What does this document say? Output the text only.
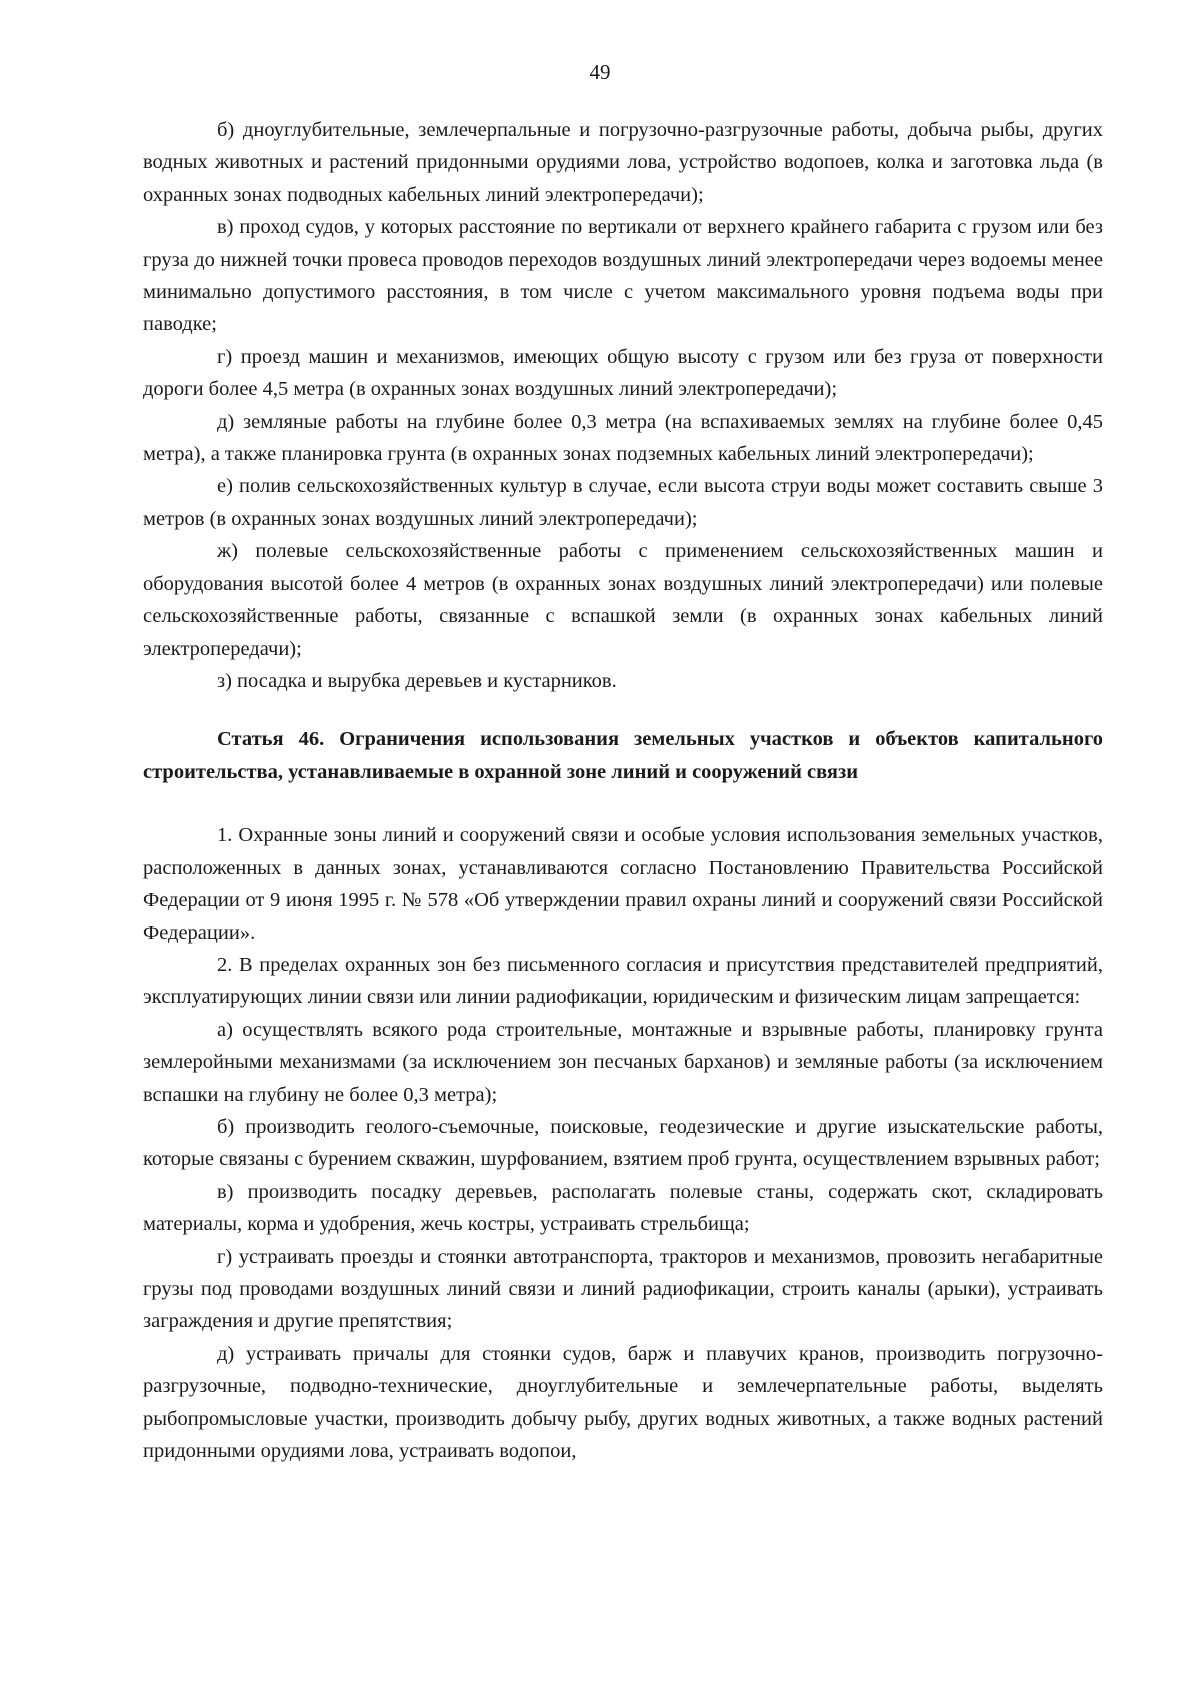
49

б) дноуглубительные, землечерпальные и погрузочно-разгрузочные работы, добыча рыбы, других водных животных и растений придонными орудиями лова, устройство водопоев, колка и заготовка льда (в охранных зонах подводных кабельных линий электропередачи);

в) проход судов, у которых расстояние по вертикали от верхнего крайнего габарита с грузом или без груза до нижней точки провеса проводов переходов воздушных линий электропередачи через водоемы менее минимально допустимого расстояния, в том числе с учетом максимального уровня подъема воды при паводке;

г) проезд машин и механизмов, имеющих общую высоту с грузом или без груза от поверхности дороги более 4,5 метра (в охранных зонах воздушных линий электропередачи);

д) земляные работы на глубине более 0,3 метра (на вспахиваемых землях на глубине более 0,45 метра), а также планировка грунта (в охранных зонах подземных кабельных линий электропередачи);

е) полив сельскохозяйственных культур в случае, если высота струи воды может составить свыше 3 метров (в охранных зонах воздушных линий электропередачи);

ж) полевые сельскохозяйственные работы с применением сельскохозяйственных машин и оборудования высотой более 4 метров (в охранных зонах воздушных линий электропередачи) или полевые сельскохозяйственные работы, связанные с вспашкой земли (в охранных зонах кабельных линий электропередачи);

з) посадка и вырубка деревьев и кустарников.

Статья 46. Ограничения использования земельных участков и объектов капитального строительства, устанавливаемые в охранной зоне линий и сооружений связи

1. Охранные зоны линий и сооружений связи и особые условия использования земельных участков, расположенных в данных зонах, устанавливаются согласно Постановлению Правительства Российской Федерации от 9 июня 1995 г. № 578 «Об утверждении правил охраны линий и сооружений связи Российской Федерации».

2. В пределах охранных зон без письменного согласия и присутствия представителей предприятий, эксплуатирующих линии связи или линии радиофикации, юридическим и физическим лицам запрещается:

а) осуществлять всякого рода строительные, монтажные и взрывные работы, планировку грунта землеройными механизмами (за исключением зон песчаных барханов) и земляные работы (за исключением вспашки на глубину не более 0,3 метра);

б) производить геолого-съемочные, поисковые, геодезические и другие изыскательские работы, которые связаны с бурением скважин, шурфованием, взятием проб грунта, осуществлением взрывных работ;

в) производить посадку деревьев, располагать полевые станы, содержать скот, складировать материалы, корма и удобрения, жечь костры, устраивать стрельбища;

г) устраивать проезды и стоянки автотранспорта, тракторов и механизмов, провозить негабаритные грузы под проводами воздушных линий связи и линий радиофикации, строить каналы (арыки), устраивать заграждения и другие препятствия;

д) устраивать причалы для стоянки судов, барж и плавучих кранов, производить погрузочно-разгрузочные, подводно-технические, дноуглубительные и землечерпательные работы, выделять рыбопромысловые участки, производить добычу рыбу, других водных животных, а также водных растений придонными орудиями лова, устраивать водопои,
